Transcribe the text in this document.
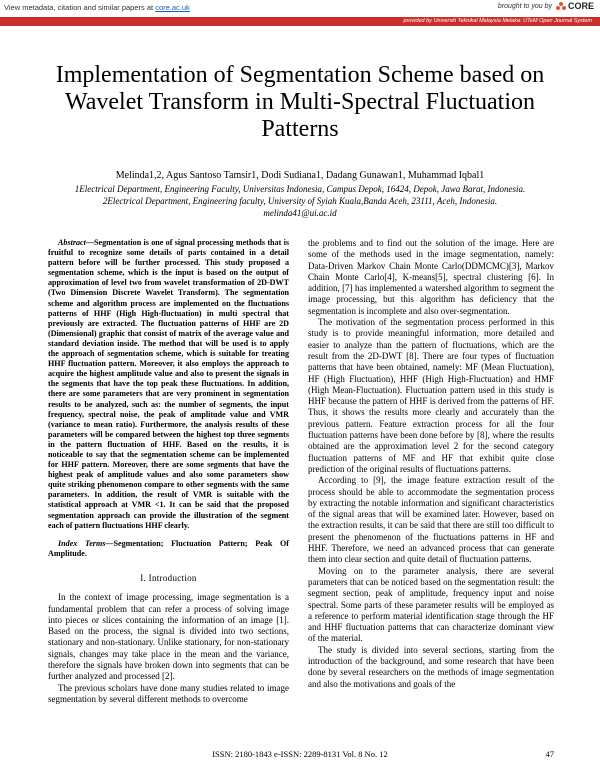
View metadata, citation and similar papers at core.ac.uk	brought to you by CORE
provided by Universiti Teknikal Malaysia Melaka: UTeM Open Journal System
Implementation of Segmentation Scheme based on Wavelet Transform in Multi-Spectral Fluctuation Patterns
Melinda1,2, Agus Santoso Tamsir1, Dodi Sudiana1, Dadang Gunawan1, Muhammad Iqbal1
1Electrical Department, Engineering Faculty, Universitas Indonesia, Campus Depok, 16424, Depok, Jawa Barat, Indonesia.
2Electrical Department, Engineering faculty, University of Syiah Kuala,Banda Aceh, 23111, Aceh, Indonesia.
melinda41@ui.ac.id

Abstract—Segmentation is one of signal processing methods that is fruitful to recognize some details of parts contained in a detail pattern before will be further processed. This study proposed a segmentation scheme, which is the input is based on the output of approximation of level two from wavelet transformation of 2D-DWT (Two Dimension Discrete Wavelet Transform). The segmentation scheme and algorithm process are implemented on the fluctuations patterns of HHF (High High-fluctuation) in multi spectral that previously are extracted. The fluctuation patterns of HHF are 2D (Dimensional) graphic that consist of matrix of the average value and standard deviation inside. The method that will be used is to apply the approach of segmentation scheme, which is suitable for treating HHF fluctuation pattern. Moreover, it also employs the approach to acquire the highest amplitude value and also to present the signals in the segments that have the top peak these fluctuations. In addition, there are some parameters that are very prominent in segmentation results to be analyzed, such as: the number of segments, the input frequency, spectral noise, the peak of amplitude value and VMR (variance to mean ratio). Furthermore, the analysis results of these parameters will be compared between the highest top three segments in the pattern fluctuation of HHF. Based on the results, it is noticeable to say that the segmentation scheme can be implemented for HHF pattern. Moreover, there are some segments that have the highest peak of amplitude values and also some parameters show quite striking phenomenon compare to other segments with the same parameters. In addition, the result of VMR is suitable with the statistical approach at VMR <1. It can be said that the proposed segmentation approach can provide the illustration of the segment each of pattern fluctuations HHF clearly.

Index Terms—Segmentation; Fluctuation Pattern; Peak Of Amplitude.

I. Introduction

In the context of image processing, image segmentation is a fundamental problem that can refer a process of solving image into pieces or slices containing the information of an image [1]. Based on the process, the signal is divided into two sections, stationary and non-stationary. Unlike stationary, for non-stationary signals, changes may take place in the mean and the variance, therefore the signals have broken down into segments that can be further analyzed and processed [2].

The previous scholars have done many studies related to image segmentation by several different methods to overcome

the problems and to find out the solution of the image. Here are some of the methods used in the image segmentation, namely: Data-Driven Markov Chain Monte Carlo(DDMCMC)[3], Markov Chain Monte Carlo[4], K-means[5], spectral clustering [6]. In addition, [7] has implemented a watershed algorithm to segment the image processing, but this algorithm has deficiency that the segmentation is incomplete and also over-segmentation.

The motivation of the segmentation process performed in this study is to provide meaningful information, more detailed and easier to analyze than the pattern of fluctuations, which are the result from the 2D-DWT [8]. There are four types of fluctuation patterns that have been obtained, namely: MF (Mean Fluctuation), HF (High Fluctuation), HHF (High High-Fluctuation) and HMF (High Mean-Fluctuation). Fluctuation pattern used in this study is HHF because the pattern of HHF is derived from the patterns of HF. Thus, it shows the results more clearly and accurately than the previous pattern. Feature extraction process for all the four fluctuation patterns have been done before by [8], where the results obtained are the approximation level 2 for the second category fluctuation patterns of MF and HF that exhibit quite close prediction of the original results of fluctuations patterns.

According to [9], the image feature extraction result of the process should be able to accommodate the segmentation process by extracting the notable information and significant characteristics of the signal areas that will be examined later. However, based on the extraction results, it can be said that there are still too difficult to present the phenomenon of the fluctuations patterns in HF and HHF. Therefore, we need an advanced process that can generate them into clear section and quite detail of fluctuation patterns.

Moving on to the parameter analysis, there are several parameters that can be noticed based on the segmentation result: the segment section, peak of amplitude, frequency input and noise spectral. Some parts of these parameter results will be employed as a reference to perform material identification stage through the HF and HHF fluctuation patterns that can characterize dominant view of the material.

The study is divided into several sections, starting from the introduction of the background, and some research that have been done by several researchers on the methods of image segmentation and also the motivations and goals of the

ISSN: 2180-1843 e-ISSN: 2289-8131 Vol. 8 No. 12	47
